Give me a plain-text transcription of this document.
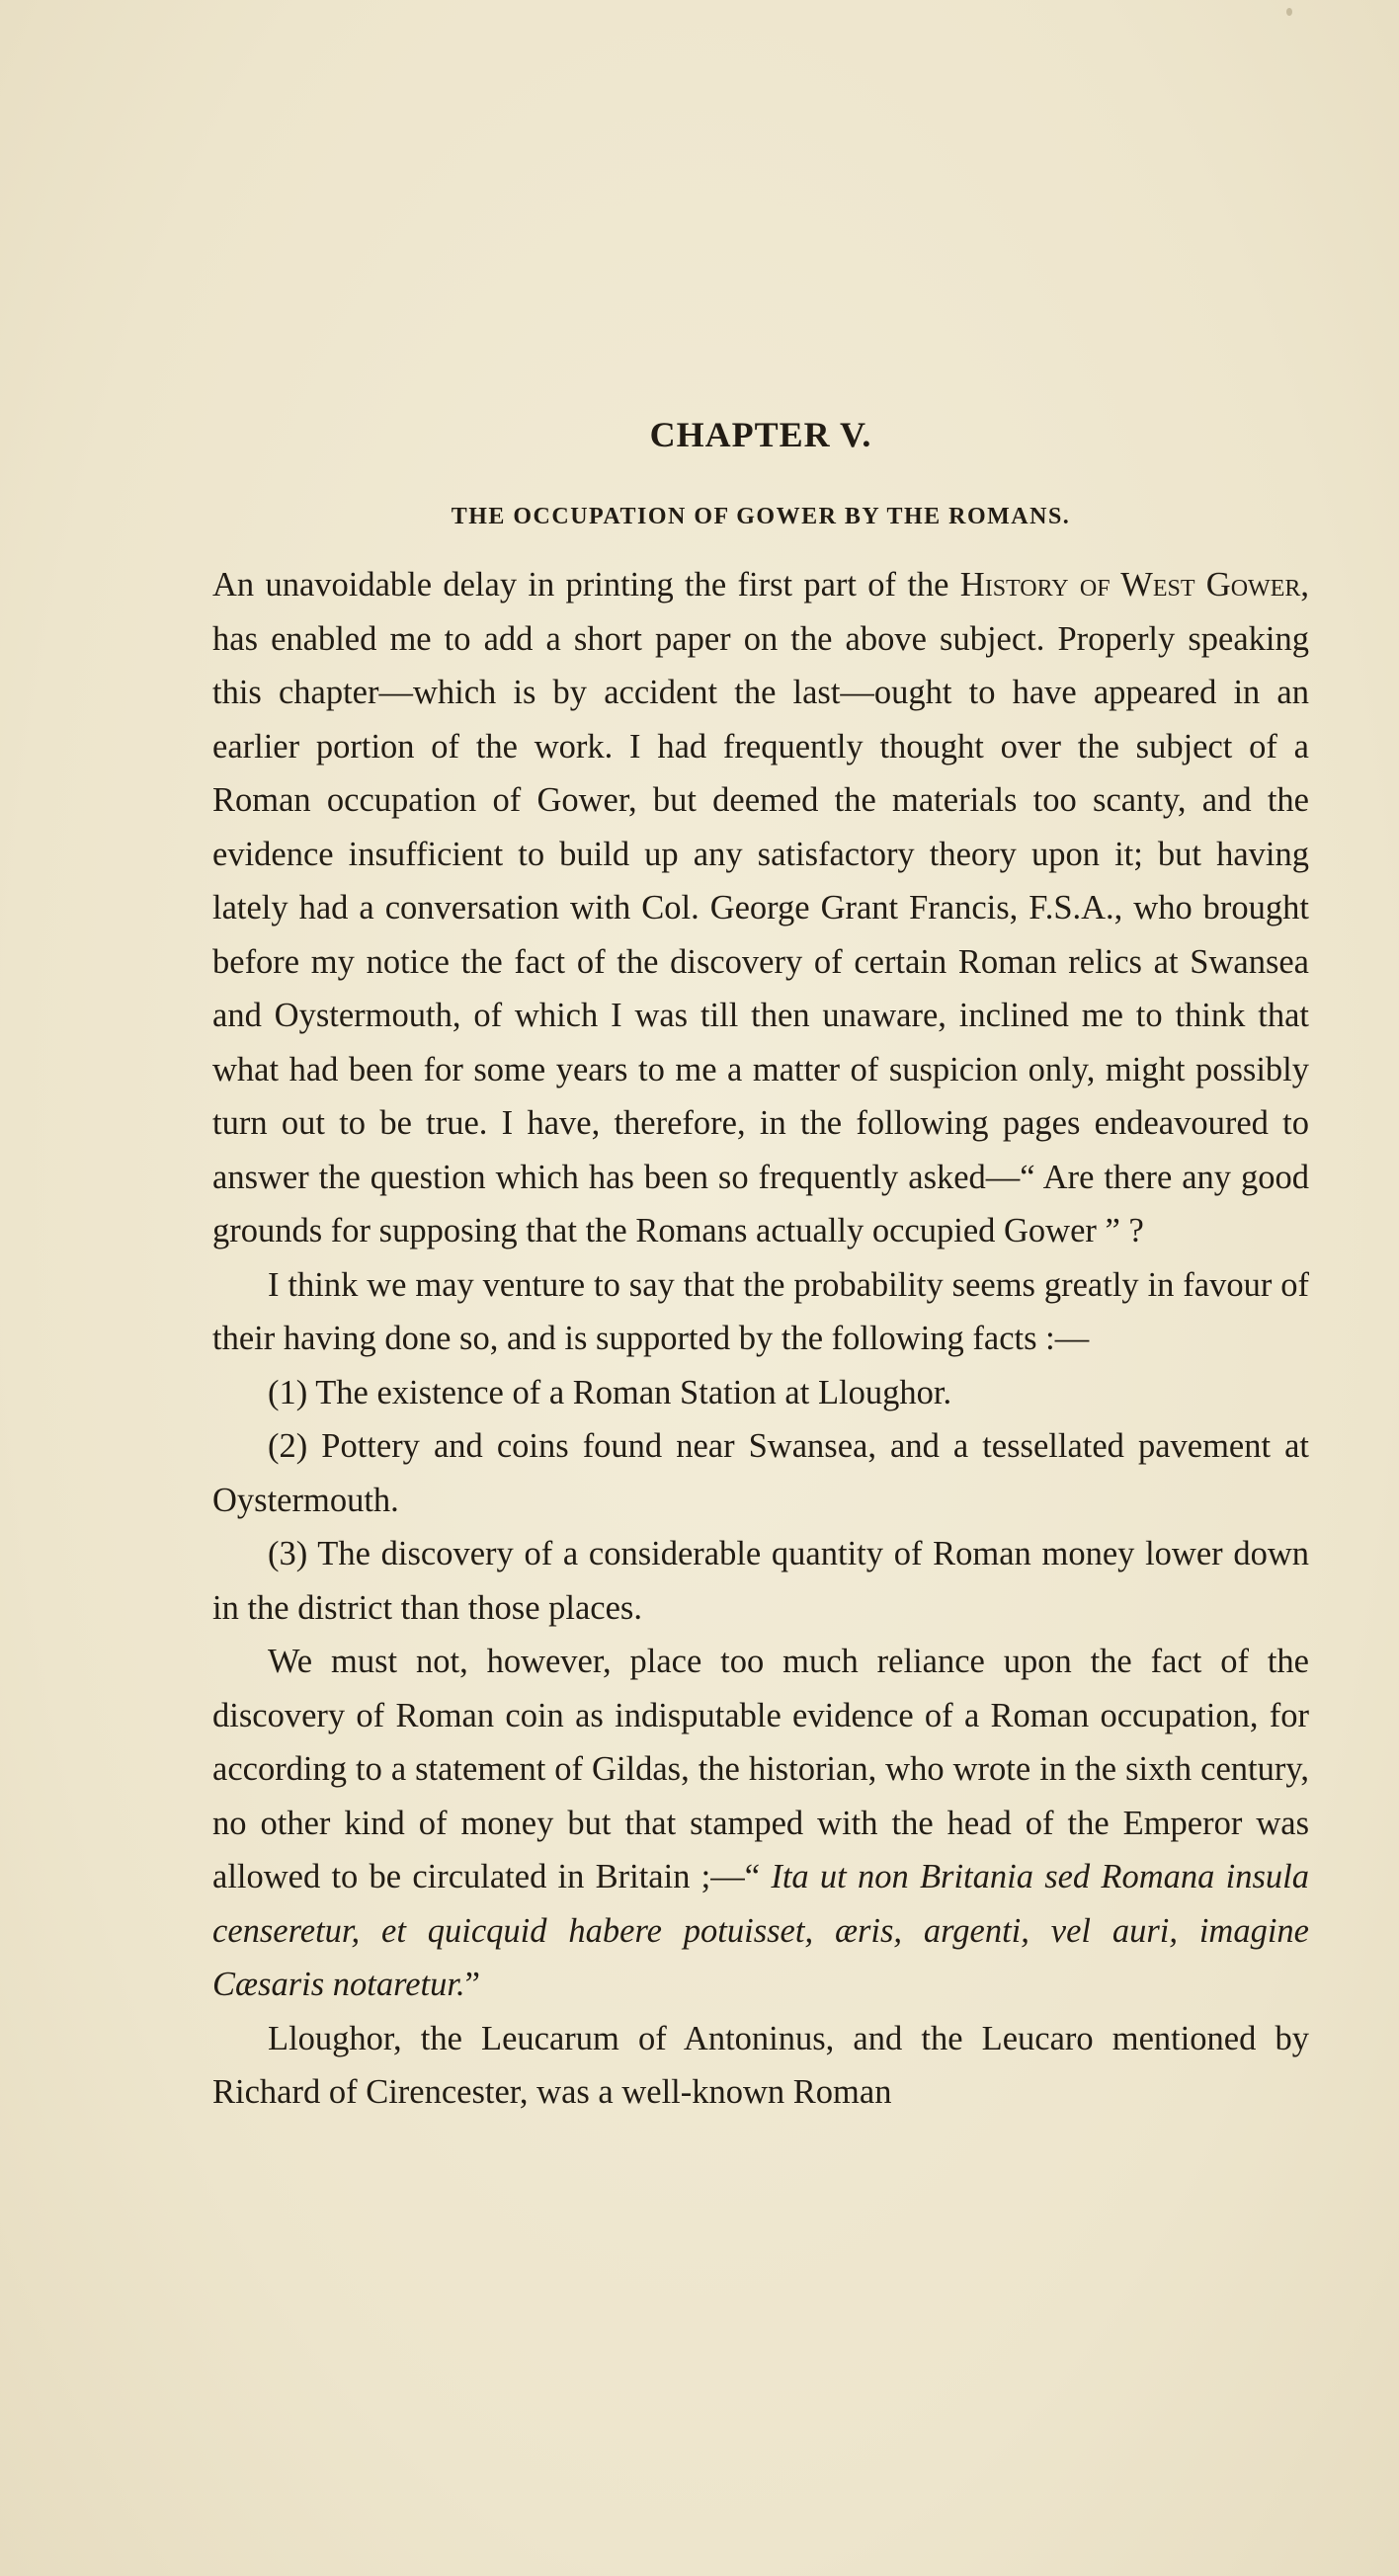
CHAPTER V.
THE OCCUPATION OF GOWER BY THE ROMANS.

An unavoidable delay in printing the first part of the History of West Gower, has enabled me to add a short paper on the above subject. Properly speaking this chapter—which is by accident the last—ought to have appeared in an earlier portion of the work. I had frequently thought over the subject of a Roman occupation of Gower, but deemed the materials too scanty, and the evidence insufficient to build up any satisfactory theory upon it; but having lately had a conversation with Col. George Grant Francis, F.S.A., who brought before my notice the fact of the discovery of certain Roman relics at Swansea and Oystermouth, of which I was till then unaware, inclined me to think that what had been for some years to me a matter of suspicion only, might possibly turn out to be true. I have, therefore, in the following pages endeavoured to answer the question which has been so frequently asked—“ Are there any good grounds for supposing that the Romans actually occupied Gower ” ?

I think we may venture to say that the probability seems greatly in favour of their having done so, and is supported by the following facts :—

(1) The existence of a Roman Station at Lloughor.

(2) Pottery and coins found near Swansea, and a tessellated pavement at Oystermouth.

(3) The discovery of a considerable quantity of Roman money lower down in the district than those places.

We must not, however, place too much reliance upon the fact of the discovery of Roman coin as indisputable evidence of a Roman occupation, for according to a statement of Gildas, the historian, who wrote in the sixth century, no other kind of money but that stamped with the head of the Emperor was allowed to be circulated in Britain ;—“ Ita ut non Britania sed Romana insula censeretur, et quicquid habere potuisset, æris, argenti, vel auri, imagine Cæsaris notaretur.”

Lloughor, the Leucarum of Antoninus, and the Leucaro mentioned by Richard of Cirencester, was a well-known Roman
